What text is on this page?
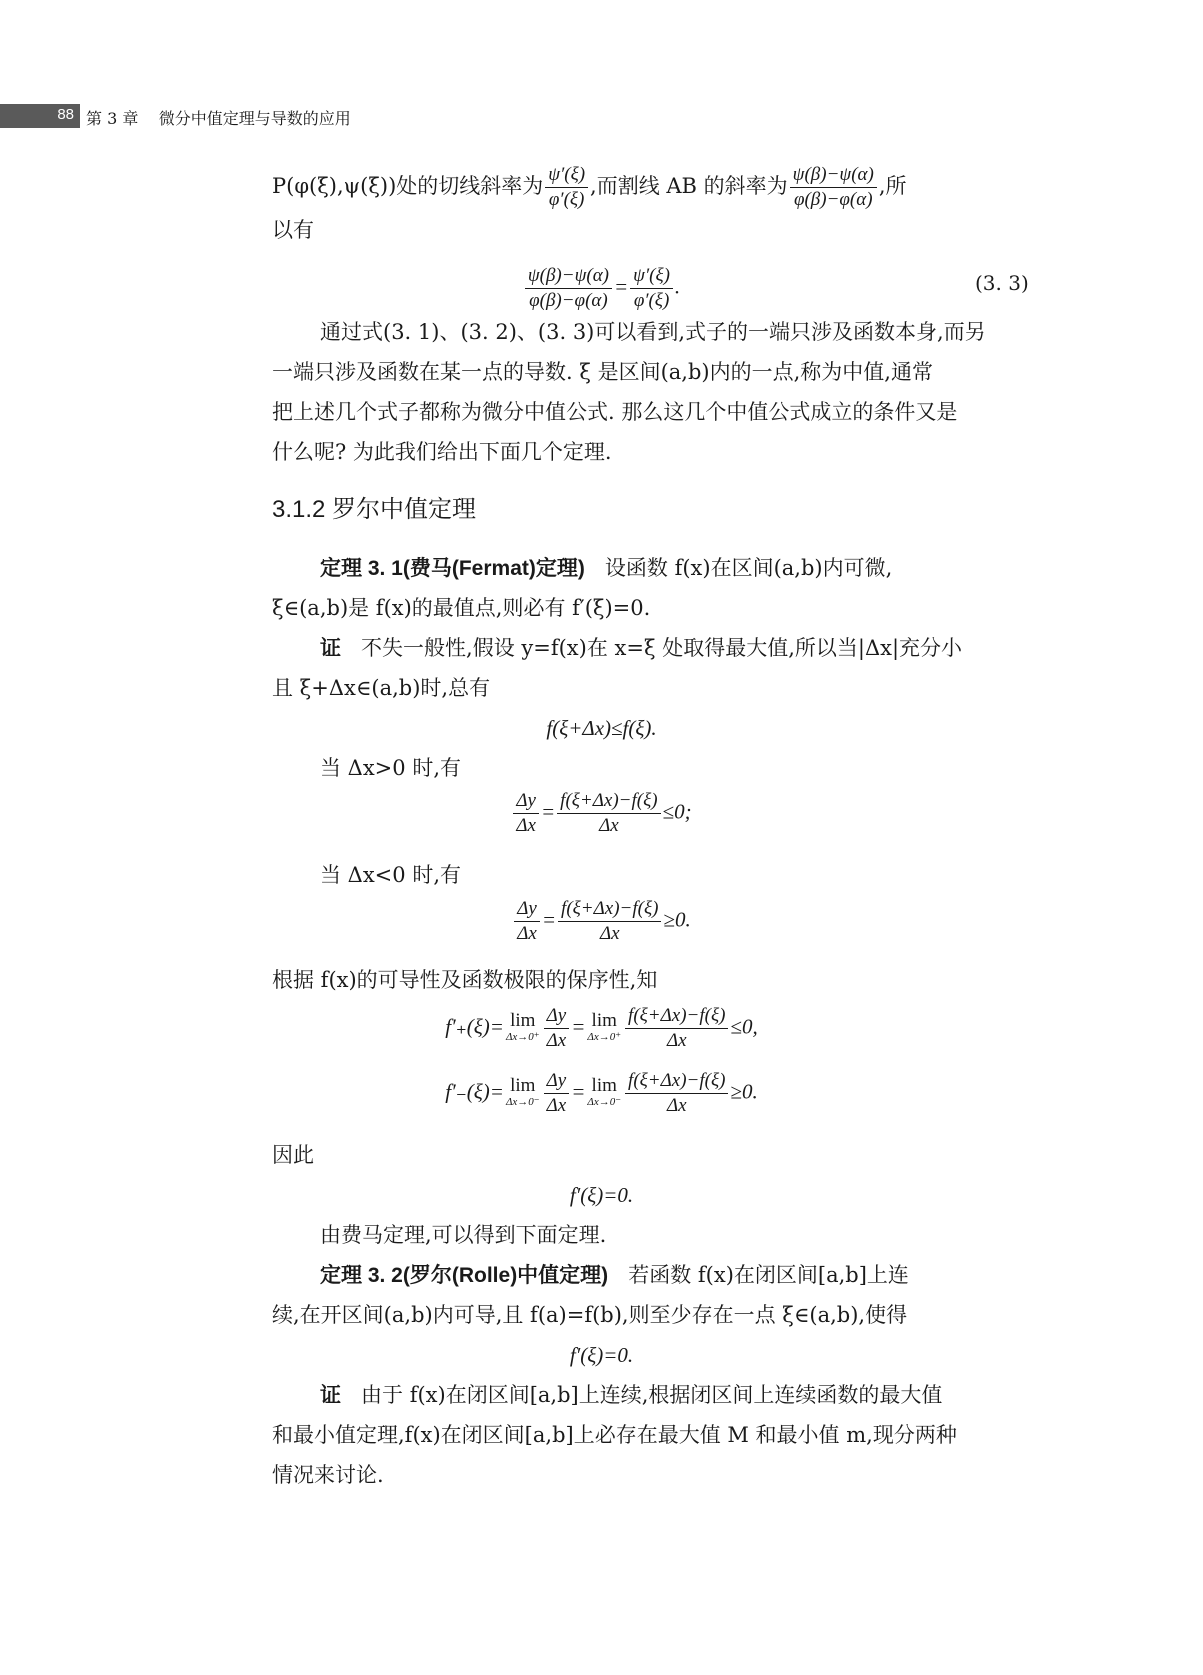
88 第 3 章    微分中值定理与导数的应用
P(φ(ξ),ψ(ξ))处的切线斜率为 $\frac{\psi'(\xi)}{\varphi'(\xi)}$ ,而割线 AB 的斜率为 $\frac{\psi(\beta)-\psi(\alpha)}{\varphi(\beta)-\varphi(\alpha)}$ ,所
以有
$\frac{\psi(\beta)-\psi(\alpha)}{\varphi(\beta)-\varphi(\alpha)} = \frac{\psi'(\xi)}{\varphi'(\xi)}$ .	(3. 3)
通过式(3. 1)、(3. 2)、(3. 3)可以看到,式子的一端只涉及函数本身,而另
一端只涉及函数在某一点的导数. ξ 是区间(a,b)内的一点,称为中值,通常
把上述几个式子都称为微分中值公式. 那么这几个中值公式成立的条件又是
什么呢? 为此我们给出下面几个定理.
3.1.2 罗尔中值定理
定理 3. 1(费马(Fermat)定理) 设函数 f(x)在区间(a,b)内可微,
ξ∈(a,b)是 f(x)的最值点,则必有 f′(ξ)=0.
证 不失一般性,假设 y=f(x)在 x=ξ 处取得最大值,所以当|Δx|充分小
且 ξ+Δx∈(a,b)时,总有
f(ξ+Δx)≤f(ξ).
当 Δx>0 时,有
$\frac{\Delta y}{\Delta x} = \frac{f(\xi+\Delta x)-f(\xi)}{\Delta x} \le 0$;
当 Δx<0 时,有
$\frac{\Delta y}{\Delta x} = \frac{f(\xi+\Delta x)-f(\xi)}{\Delta x} \ge 0$.
根据 f(x)的可导性及函数极限的保序性,知
f′₊(ξ)= lim
$\Delta x\to 0^+ \frac{\Delta y}{\Delta x} = \lim$
$\Delta x\to 0^+ \frac{f(\xi+\Delta x)-f(\xi)}{\Delta x} \le 0$,
f′₋(ξ)= lim
$\Delta x\to 0^- \frac{\Delta y}{\Delta x} = \lim$
$\Delta x\to 0^- \frac{f(\xi+\Delta x)-f(\xi)}{\Delta x} \ge 0$.
因此
f′(ξ)=0.
由费马定理,可以得到下面定理.
定理 3. 2(罗尔(Rolle)中值定理) 若函数 f(x)在闭区间[a,b]上连
续,在开区间(a,b)内可导,且 f(a)=f(b),则至少存在一点 ξ∈(a,b),使得
f′(ξ)=0.
证 由于 f(x)在闭区间[a,b]上连续,根据闭区间上连续函数的最大值
和最小值定理,f(x)在闭区间[a,b]上必存在最大值 M 和最小值 m,现分两种
情况来讨论.
